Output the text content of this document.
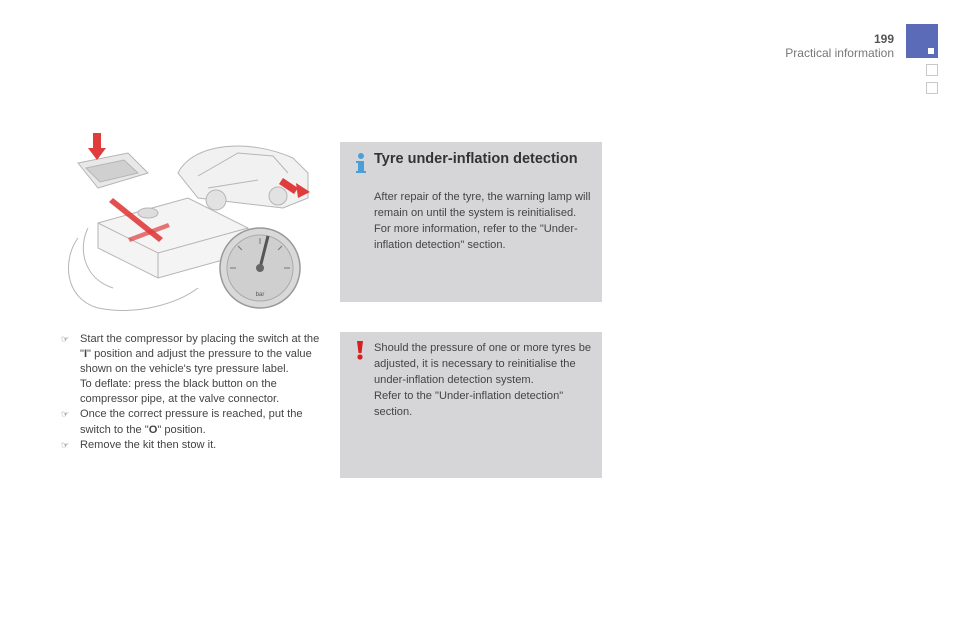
199
Practical information
bar
☞ Start the compressor by placing the switch at the "I" position and adjust the pressure to the value shown on the vehicle's tyre pressure label.
To deflate: press the black button on the compressor pipe, at the valve connector.
☞ Once the correct pressure is reached, put the switch to the "O" position.
☞ Remove the kit then stow it.
Tyre under-inflation detection
After repair of the tyre, the warning lamp will remain on until the system is reinitialised.
For more information, refer to the "Under-inflation detection" section.
Should the pressure of one or more tyres be adjusted, it is necessary to reinitialise the under-inflation detection system.
Refer to the "Under-inflation detection" section.
